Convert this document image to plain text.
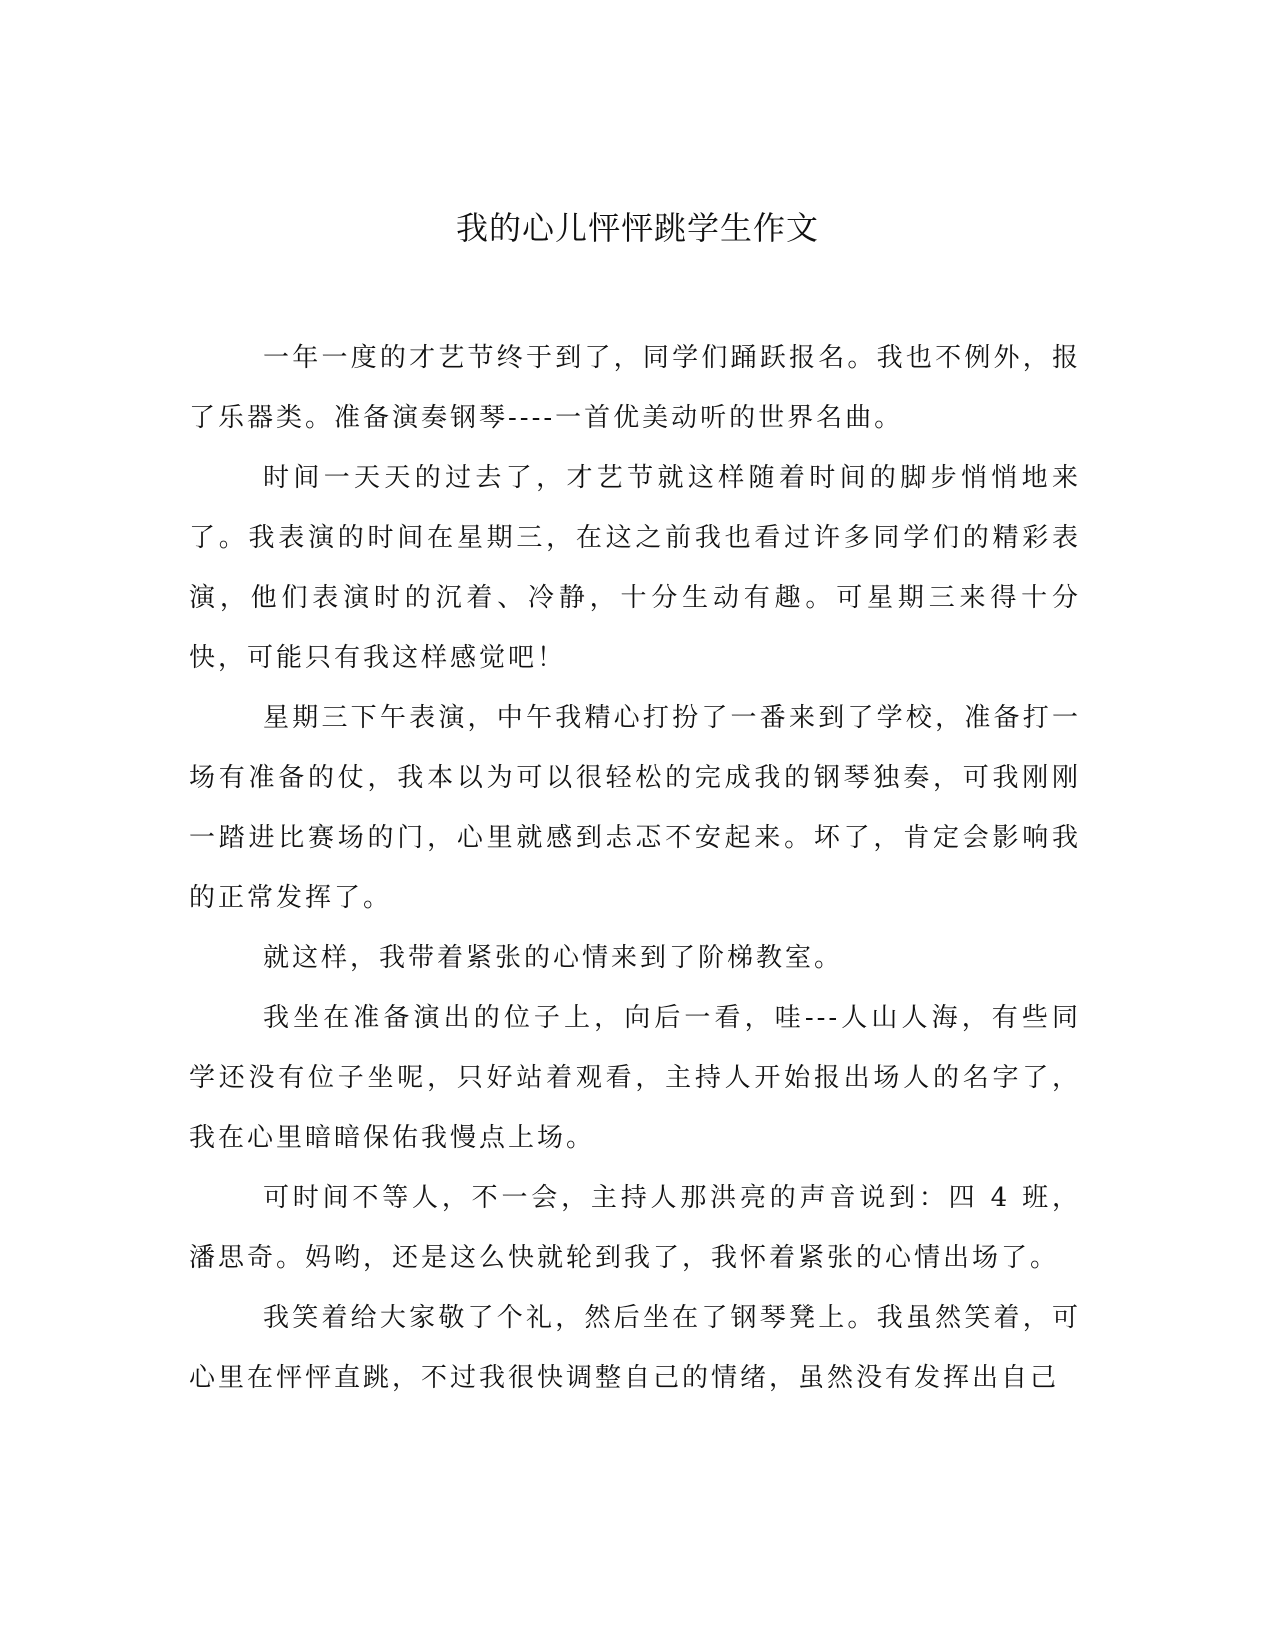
我的心儿怦怦跳学生作文

一年一度的才艺节终于到了，同学们踊跃报名。我也不例外，报了乐器类。准备演奏钢琴----一首优美动听的世界名曲。

时间一天天的过去了，才艺节就这样随着时间的脚步悄悄地来了。我表演的时间在星期三，在这之前我也看过许多同学们的精彩表演，他们表演时的沉着、冷静，十分生动有趣。可星期三来得十分快，可能只有我这样感觉吧！

星期三下午表演，中午我精心打扮了一番来到了学校，准备打一场有准备的仗，我本以为可以很轻松的完成我的钢琴独奏，可我刚刚一踏进比赛场的门，心里就感到忐忑不安起来。坏了，肯定会影响我的正常发挥了。

就这样，我带着紧张的心情来到了阶梯教室。

我坐在准备演出的位子上，向后一看，哇---人山人海，有些同学还没有位子坐呢，只好站着观看，主持人开始报出场人的名字了，我在心里暗暗保佑我慢点上场。

可时间不等人，不一会，主持人那洪亮的声音说到：四 4 班，潘思奇。妈哟，还是这么快就轮到我了，我怀着紧张的心情出场了。

我笑着给大家敬了个礼，然后坐在了钢琴凳上。我虽然笑着，可心里在怦怦直跳，不过我很快调整自己的情绪，虽然没有发挥出自己
